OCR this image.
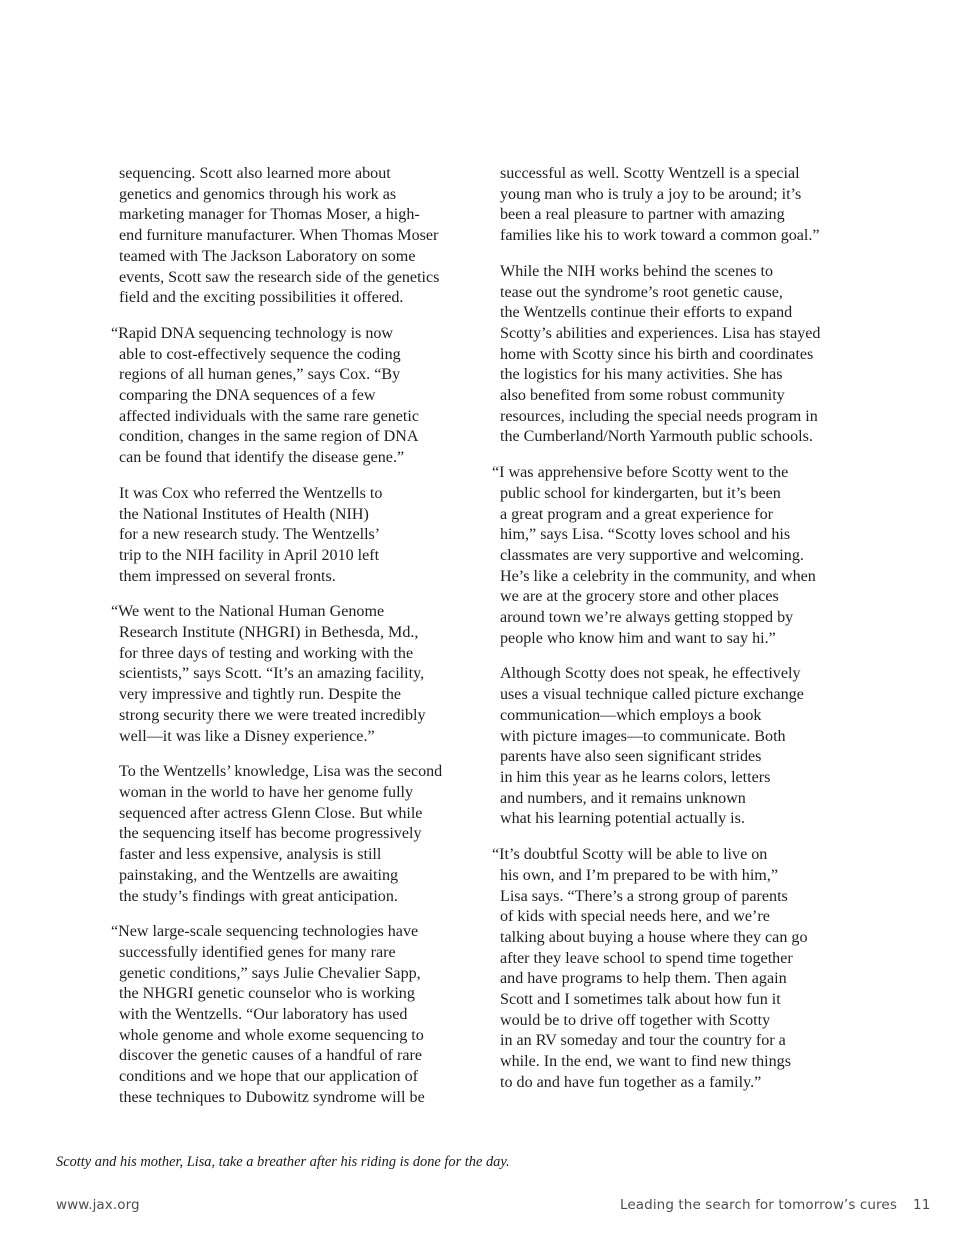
sequencing. Scott also learned more about
genetics and genomics through his work as
marketing manager for Thomas Moser, a high-
end furniture manufacturer. When Thomas Moser
teamed with The Jackson Laboratory on some
events, Scott saw the research side of the genetics
field and the exciting possibilities it offered.

“Rapid DNA sequencing technology is now
able to cost-effectively sequence the coding
regions of all human genes,” says Cox. “By
comparing the DNA sequences of a few
affected individuals with the same rare genetic
condition, changes in the same region of DNA
can be found that identify the disease gene.”

It was Cox who referred the Wentzells to
the National Institutes of Health (NIH)
for a new research study. The Wentzells’
trip to the NIH facility in April 2010 left
them impressed on several fronts.

“We went to the National Human Genome
Research Institute (NHGRI) in Bethesda, Md.,
for three days of testing and working with the
scientists,” says Scott. “It’s an amazing facility,
very impressive and tightly run. Despite the
strong security there we were treated incredibly
well—it was like a Disney experience.”

To the Wentzells’ knowledge, Lisa was the second
woman in the world to have her genome fully
sequenced after actress Glenn Close. But while
the sequencing itself has become progressively
faster and less expensive, analysis is still
painstaking, and the Wentzells are awaiting
the study’s findings with great anticipation.

“New large-scale sequencing technologies have
successfully identified genes for many rare
genetic conditions,” says Julie Chevalier Sapp,
the NHGRI genetic counselor who is working
with the Wentzells. “Our laboratory has used
whole genome and whole exome sequencing to
discover the genetic causes of a handful of rare
conditions and we hope that our application of
these techniques to Dubowitz syndrome will be

successful as well. Scotty Wentzell is a special
young man who is truly a joy to be around; it’s
been a real pleasure to partner with amazing
families like his to work toward a common goal.”

While the NIH works behind the scenes to
tease out the syndrome’s root genetic cause,
the Wentzells continue their efforts to expand
Scotty’s abilities and experiences. Lisa has stayed
home with Scotty since his birth and coordinates
the logistics for his many activities. She has
also benefited from some robust community
resources, including the special needs program in
the Cumberland/North Yarmouth public schools.

“I was apprehensive before Scotty went to the
public school for kindergarten, but it’s been
a great program and a great experience for
him,” says Lisa. “Scotty loves school and his
classmates are very supportive and welcoming.
He’s like a celebrity in the community, and when
we are at the grocery store and other places
around town we’re always getting stopped by
people who know him and want to say hi.”

Although Scotty does not speak, he effectively
uses a visual technique called picture exchange
communication—which employs a book
with picture images—to communicate. Both
parents have also seen significant strides
in him this year as he learns colors, letters
and numbers, and it remains unknown
what his learning potential actually is.

“It’s doubtful Scotty will be able to live on
his own, and I’m prepared to be with him,”
Lisa says. “There’s a strong group of parents
of kids with special needs here, and we’re
talking about buying a house where they can go
after they leave school to spend time together
and have programs to help them. Then again
Scott and I sometimes talk about how fun it
would be to drive off together with Scotty
in an RV someday and tour the country for a
while. In the end, we want to find new things
to do and have fun together as a family.”

Scotty and his mother, Lisa, take a breather after his riding is done for the day.
www.jax.org	Leading the search for tomorrow’s cures 11
